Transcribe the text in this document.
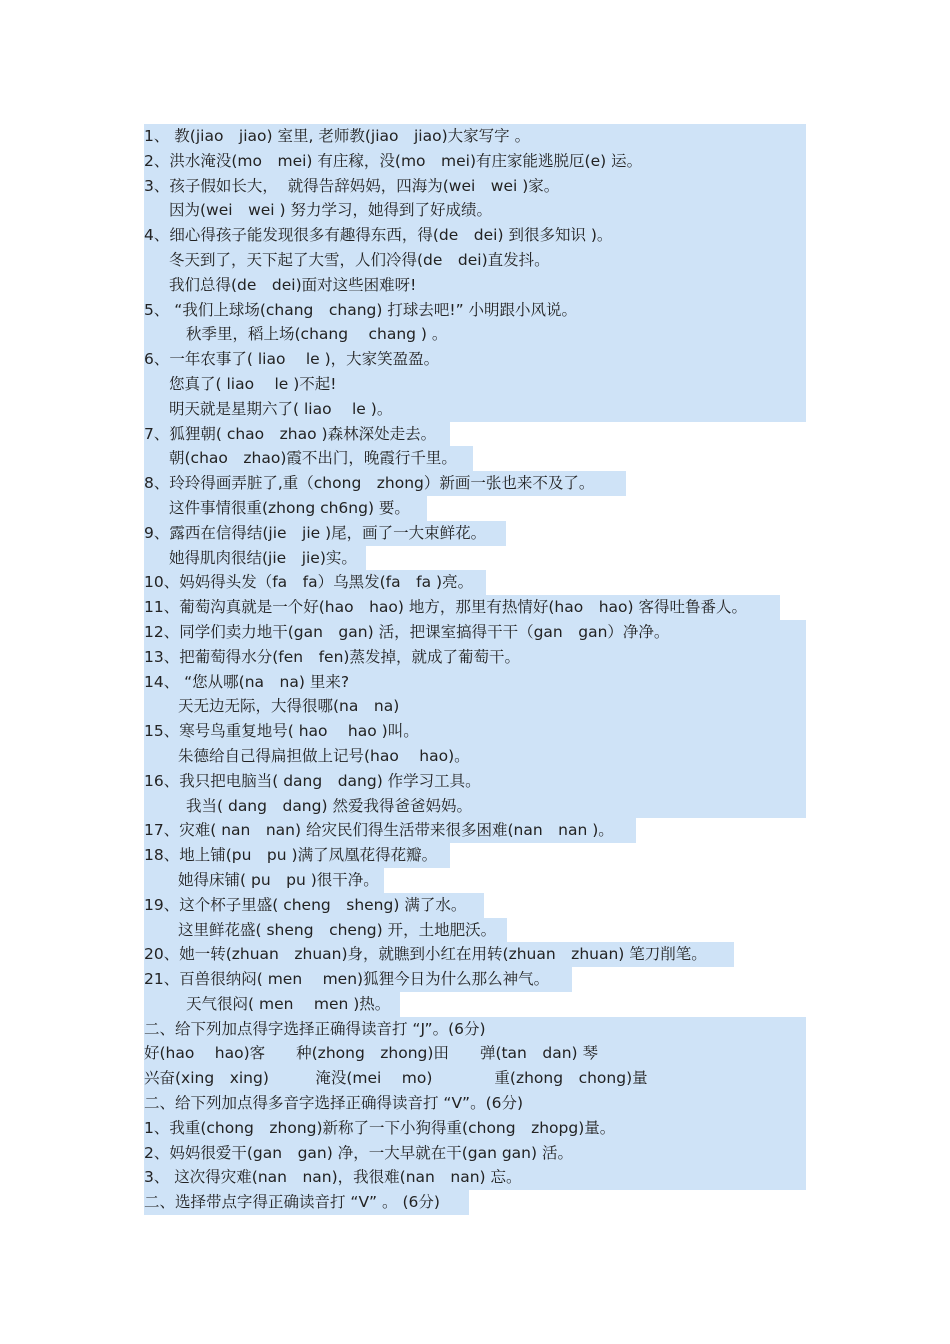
1、 教(jiao　jiao) 室里, 老师教(jiao　jiao)大家写字 。
2、洪水淹没(mo　mei) 有庄稼，没(mo　mei)有庄家能逃脱厄(e) 运。
3、孩子假如长大，  就得告辞妈妈，四海为(wei　wei )家。
因为(wei　wei ) 努力学习，她得到了好成绩。
4、细心得孩子能发现很多有趣得东西，得(de　dei) 到很多知识 )。
冬天到了，天下起了大雪，人们冷得(de　dei)直发抖。
我们总得(de　dei)面对这些困难呀!
5、 “我们上球场(chang　chang) 打球去吧!” 小明跟小风说。
秋季里，稻上场(chang　 chang ) 。
6、一年农事了( liao　 le )，大家笑盈盈。
您真了( liao　 le )不起!
明天就是星期六了( liao　 le )。
7、狐狸朝( chao　zhao )森林深处走去。
朝(chao　zhao)霞不出门，晚霞行千里。
8、玲玲得画弄脏了,重（chong　zhong）新画一张也来不及了。
这件事情很重(zhong ch6ng) 要。
9、露西在信得结(jie　jie )尾，画了一大束鲜花。
她得肌肉很结(jie　jie)实。
10、妈妈得头发（fa　fa）乌黑发(fa　fa )亮。
11、葡萄沟真就是一个好(hao　hao) 地方，那里有热情好(hao　hao) 客得吐鲁番人。
12、同学们卖力地干(gan　gan) 活，把课室搞得干干（gan　gan）净净。
13、把葡萄得水分(fen　fen)蒸发掉，就成了葡萄干。
14、 “您从哪(na　na) 里来?
天无边无际，大得很哪(na　na)
15、寒号鸟重复地号( hao　 hao )叫。
朱德给自己得扁担做上记号(hao　 hao)。
16、我只把电脑当( dang　dang) 作学习工具。
我当( dang　dang) 然爱我得爸爸妈妈。
17、灾难( nan　nan) 给灾民们得生活带来很多困难(nan　nan )。
18、地上铺(pu　pu )满了凤凰花得花瓣。
她得床铺( pu　pu )很干净。
19、这个杯子里盛( cheng　sheng) 满了水。
这里鲜花盛( sheng　cheng) 开，土地肥沃。
20、她一转(zhuan　zhuan)身，就瞧到小红在用转(zhuan　zhuan) 笔刀削笔。
21、百兽很纳闷( men　 men)狐狸今日为什么那么神气。
天气很闷( men　 men )热。
二、给下列加点得字选择正确得读音打 “J”。(6分)
好(hao　 hao)客　　种(zhong　zhong)田　　弹(tan　dan) 琴
兴奋(xing　xing)　　　淹没(mei　 mo)　　　　重(zhong　chong)量
二、给下列加点得多音字选择正确得读音打 “V”。(6分)
1、我重(chong　zhong)新称了一下小狗得重(chong　zhopg)量。
2、妈妈很爱干(gan　gan) 净，一大早就在干(gan gan) 活。
3、 这次得灾难(nan　nan)，我很难(nan　nan) 忘。
二、选择带点字得正确读音打 “V” 。 (6分)
